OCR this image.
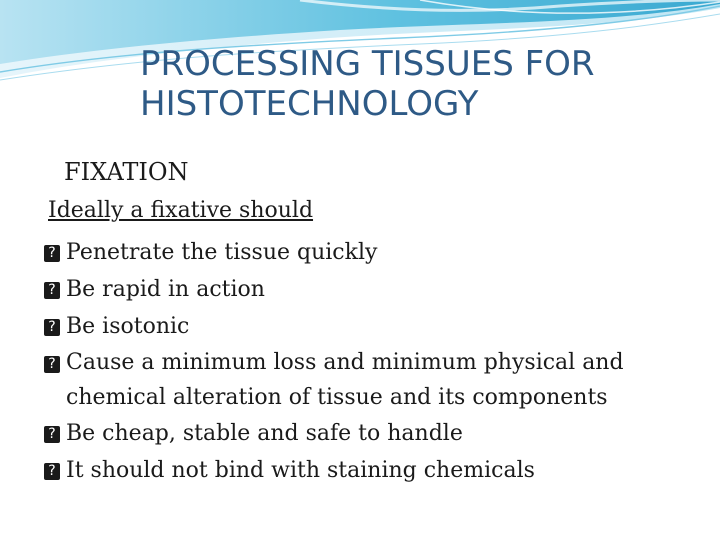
PROCESSING TISSUES FOR
HISTOTECHNOLOGY
FIXATION
Ideally a fixative should
? Penetrate the tissue quickly
? Be rapid in action
? Be isotonic
? Cause a minimum loss and minimum physical and chemical alteration of tissue and its components
? Be cheap, stable and safe to handle
? It should not bind with staining chemicals
